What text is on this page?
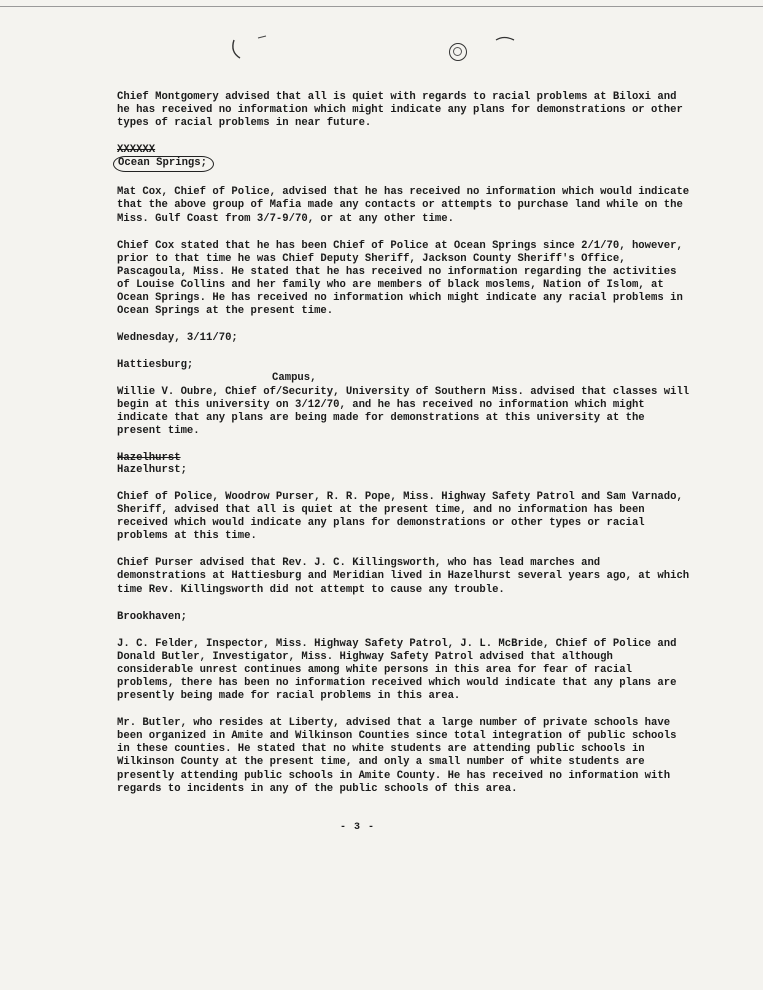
Chief Montgomery advised that all is quiet with regards to racial problems at Biloxi and he has received no information which might indicate any plans for demonstrations or other types of racial problems in near future.

XXXXXX
Ocean Springs;

Mat Cox, Chief of Police, advised that he has received no information which would indicate that the above group of Mafia made any contacts or attempts to purchase land while on the Miss. Gulf Coast from 3/7-9/70, or at any other time.

Chief Cox stated that he has been Chief of Police at Ocean Springs since 2/1/70, however, prior to that time he was Chief Deputy Sheriff, Jackson County Sheriff's Office, Pascagoula, Miss. He stated that he has received no information regarding the activities of Louise Collins and her family who are members of black moslems, Nation of Islom, at Ocean Springs. He has received no information which might indicate any racial problems in Ocean Springs at the present time.

Wednesday, 3/11/70;

Hattiesburg;

Campus,
Willie V. Oubre, Chief of/Security, University of Southern Miss. advised that classes will begin at this university on 3/12/70, and he has received no information which might indicate that any plans are being made for demonstrations at this university at the present time.
Hazelhurst
Hazelhurst;

Chief of Police, Woodrow Purser, R. R. Pope, Miss. Highway Safety Patrol and Sam Varnado, Sheriff, advised that all is quiet at the present time, and no information has been received which would indicate any plans for demonstrations or other types or racial problems at this time.

Chief Purser advised that Rev. J. C. Killingsworth, who has lead marches and demonstrations at Hattiesburg and Meridian lived in Hazelhurst several years ago, at which time Rev. Killingsworth did not attempt to cause any trouble.

Brookhaven;

J. C. Felder, Inspector, Miss. Highway Safety Patrol, J. L. McBride, Chief of Police and Donald Butler, Investigator, Miss. Highway Safety Patrol advised that although considerable unrest continues among white persons in this area for fear of racial problems, there has been no information received which would indicate that any plans are presently being made for racial problems in this area.

Mr. Butler, who resides at Liberty, advised that a large number of private schools have been organized in Amite and Wilkinson Counties since total integration of public schools in these counties. He stated that no white students are attending public schools in Wilkinson County at the present time, and only a small number of white students are presently attending public schools in Amite County. He has received no information with regards to incidents in any of the public schools of this area.

- 3 -
